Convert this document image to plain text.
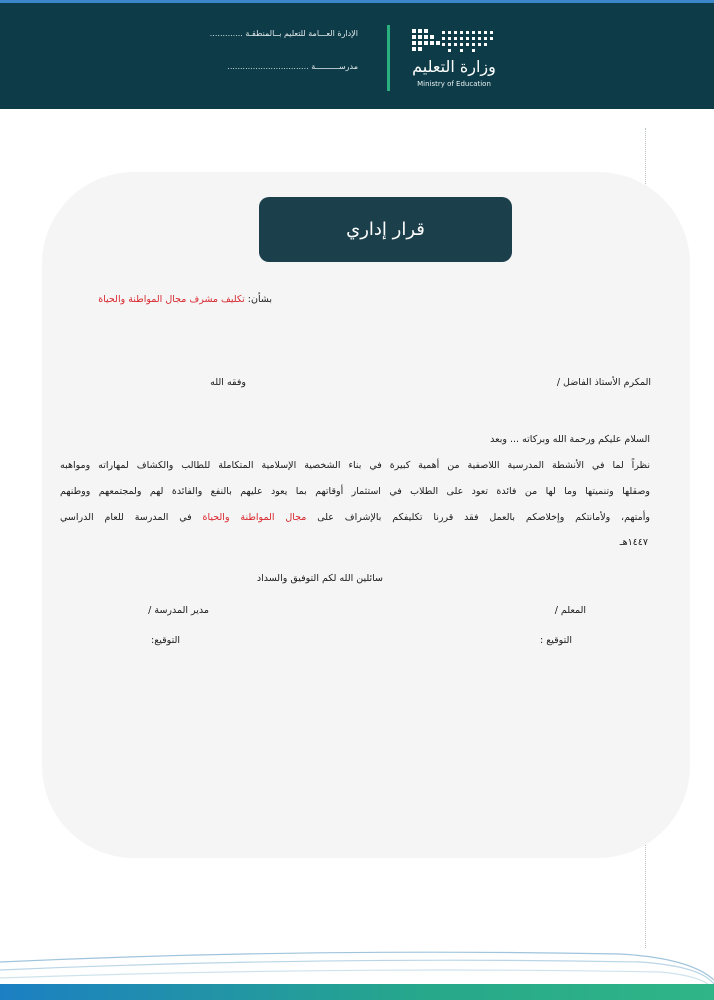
الإدارة العـــامة للتعليم بــالمنطقـة .............
مدرســــــــــة ................................	وزارة التعليم
Ministry of Education
قرار إداري
بشأن: تكليف مشرف مجال المواطنة والحياة
المكرم الأستاذ الفاضل /
وفقه الله
السلام عليكم ورحمة الله وبركاته ... وبعد
نظراً لما في الأنشطة المدرسية اللاصفية من أهمية كبيرة في بناء الشخصية الإسلامية المتكاملة للطالب والكشاف لمهاراته ومواهبه
وصقلها وتنميتها وما لها من فائدة تعود على الطلاب في استثمار أوقاتهم بما يعود عليهم بالنفع والفائدة لهم ولمجتمعهم ووطنهم
وأمتهم، ولأمانتكم وإخلاصكم بالعمل فقد قررنا تكليفكم بالإشراف على مجال المواطنة والحياة في المدرسة للعام الدراسي
١٤٤٧هـ
سائلين الله لكم التوفيق والسداد
المعلم /
مدير المدرسة /
التوقيع :
التوقيع:
